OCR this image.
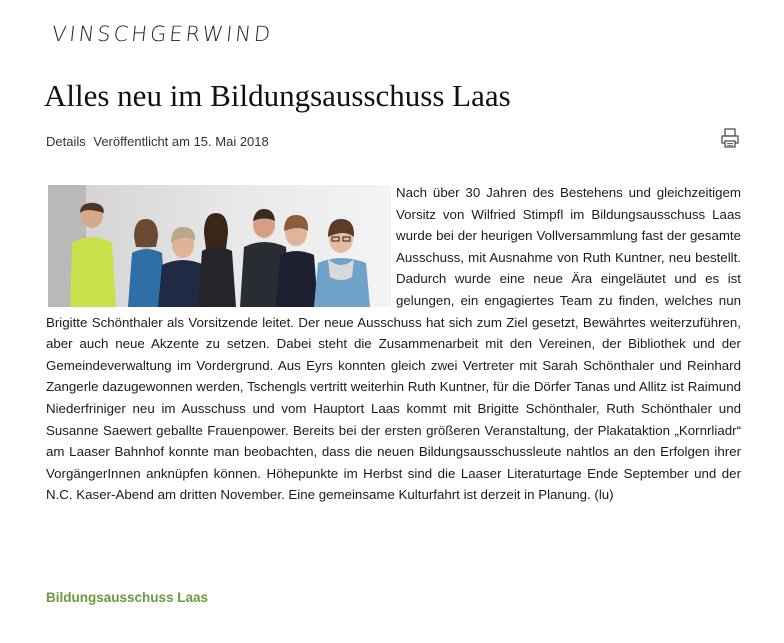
VINSCHGERWIND
Alles neu im Bildungsausschuss Laas
Details Veröffentlicht am 15. Mai 2018
Nach über 30 Jahren des Bestehens und gleichzeitigem Vorsitz von Wilfried Stimpfl im Bildungsausschuss Laas wurde bei der heurigen Vollversammlung fast der gesamte Ausschuss, mit Ausnahme von Ruth Kuntner, neu bestellt. Dadurch wurde eine neue Ära eingeläutet und es ist gelungen, ein engagiertes Team zu finden, welches nun Brigitte Schönthaler als Vorsitzende leitet. Der neue Ausschuss hat sich zum Ziel gesetzt, Bewährtes weiterzuführen, aber auch neue Akzente zu setzen. Dabei steht die Zusammenarbeit mit den Vereinen, der Bibliothek und der Gemeindeverwaltung im Vordergrund. Aus Eyrs konnten gleich zwei Vertreter mit Sarah Schönthaler und Reinhard Zangerle dazugewonnen werden, Tschengls vertritt weiterhin Ruth Kuntner, für die Dörfer Tanas und Allitz ist Raimund Niederfriniger neu im Ausschuss und vom Hauptort Laas kommt mit Brigitte Schönthaler, Ruth Schönthaler und Susanne Saewert geballte Frauenpower. Bereits bei der ersten größeren Veranstaltung, der Plakataktion „Kornrliadr“ am Laaser Bahnhof konnte man beobachten, dass die neuen Bildungsausschussleute nahtlos an den Erfolgen ihrer VorgängerInnen anknüpfen können. Höhepunkte im Herbst sind die Laaser Literaturtage Ende September und der N.C. Kaser-Abend am dritten November. Eine gemeinsame Kulturfahrt ist derzeit in Planung. (lu)
Bildungsausschuss Laas
